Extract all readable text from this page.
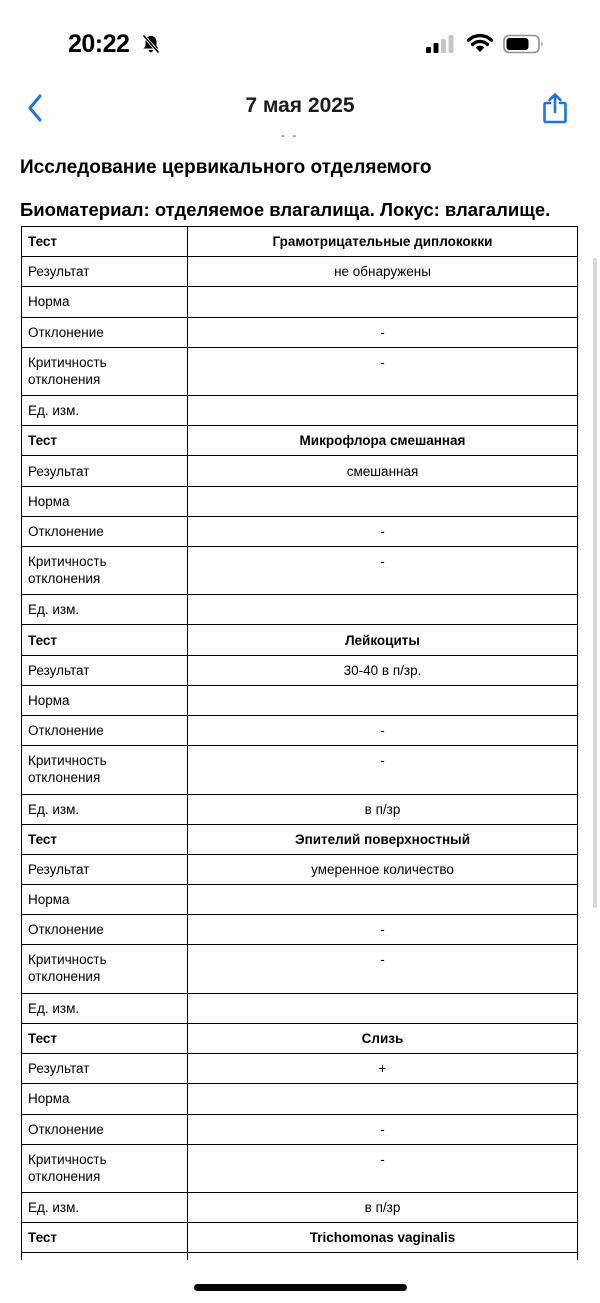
20:22
7 мая 2025
- -
Исследование цервикального отделяемого
Биоматериал: отделяемое влагалища. Локус: влагалище.
Тест	Грамотрицательные диплококки
Результат	не обнаружены
Норма	
Отклонение	-
Критичность отклонения	-
Ед. изм.	
Тест	Микрофлора смешанная
Результат	смешанная
Норма	
Отклонение	-
Критичность отклонения	-
Ед. изм.	
Тест	Лейкоциты
Результат	30-40 в п/зр.
Норма	
Отклонение	-
Критичность отклонения	-
Ед. изм.	в п/зр
Тест	Эпителий поверхностный
Результат	умеренное количество
Норма	
Отклонение	-
Критичность отклонения	-
Ед. изм.	
Тест	Слизь
Результат	+
Норма	
Отклонение	-
Критичность отклонения	-
Ед. изм.	в п/зр
Тест	Trichomonas vaginalis
